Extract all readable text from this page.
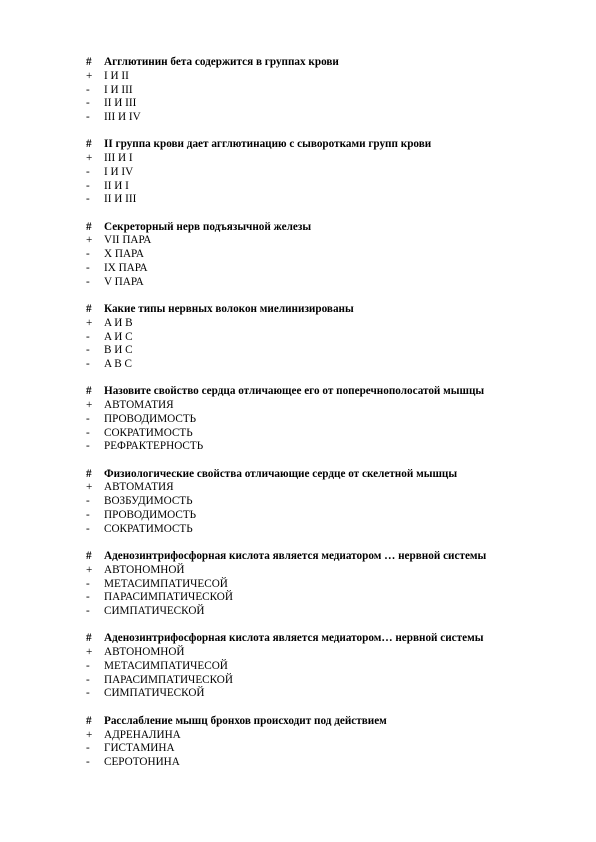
#	Агглютинин бета содержится в группах крови
+	I И II
-	I И III
-	II И III
-	III И IV
#	II группа крови дает агглютинацию с сыворотками групп крови
+	III И I
-	I И IV
-	II И I
-	II И III
#	Секреторный нерв подъязычной железы
+	VII ПАРА
-	X ПАРА
-	IX ПАРА
-	V ПАРА
#	Какие типы нервных волокон миелинизированы
+	A И B
-	A И C
-	B И C
-	A B C
#	Назовите свойство сердца отличающее его от поперечнополосатой мышцы
+	АВТОМАТИЯ
-	ПРОВОДИМОСТЬ
-	СОКРАТИМОСТЬ
-	РЕФРАКТЕРНОСТЬ
#	Физиологические свойства отличающие сердце от скелетной мышцы
+	АВТОМАТИЯ
-	ВОЗБУДИМОСТЬ
-	ПРОВОДИМОСТЬ
-	СОКРАТИМОСТЬ
#	Аденозинтрифосфорная кислота является медиатором … нервной системы
+	АВТОНОМНОЙ
-	МЕТАСИМПАТИЧЕСОЙ
-	ПАРАСИМПАТИЧЕСКОЙ
-	СИМПАТИЧЕСКОЙ
#	Аденозинтрифосфорная кислота является медиатором… нервной системы
+	АВТОНОМНОЙ
-	МЕТАСИМПАТИЧЕСОЙ
-	ПАРАСИМПАТИЧЕСКОЙ
-	СИМПАТИЧЕСКОЙ
#	Расслабление мышц бронхов происходит под действием
+	АДРЕНАЛИНА
-	ГИСТАМИНА
-	СЕРОТОНИНА
